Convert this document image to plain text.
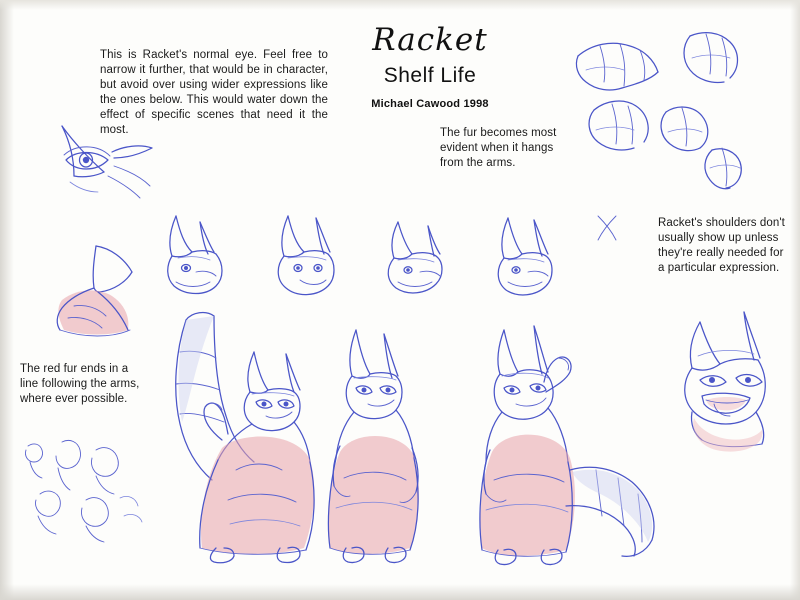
Racket
Shelf Life
Michael Cawood 1998
This is Racket's normal eye. Feel free to narrow it further, that would be in character, but avoid over using wider expressions like the ones below. This would water down the effect of specific scenes that need it the most.	The fur becomes most evident when it hangs from the arms.
Racket's shoulders don't usually show up unless they're really needed for a particular expression.
The red fur ends in a line following the arms, where ever possible.
